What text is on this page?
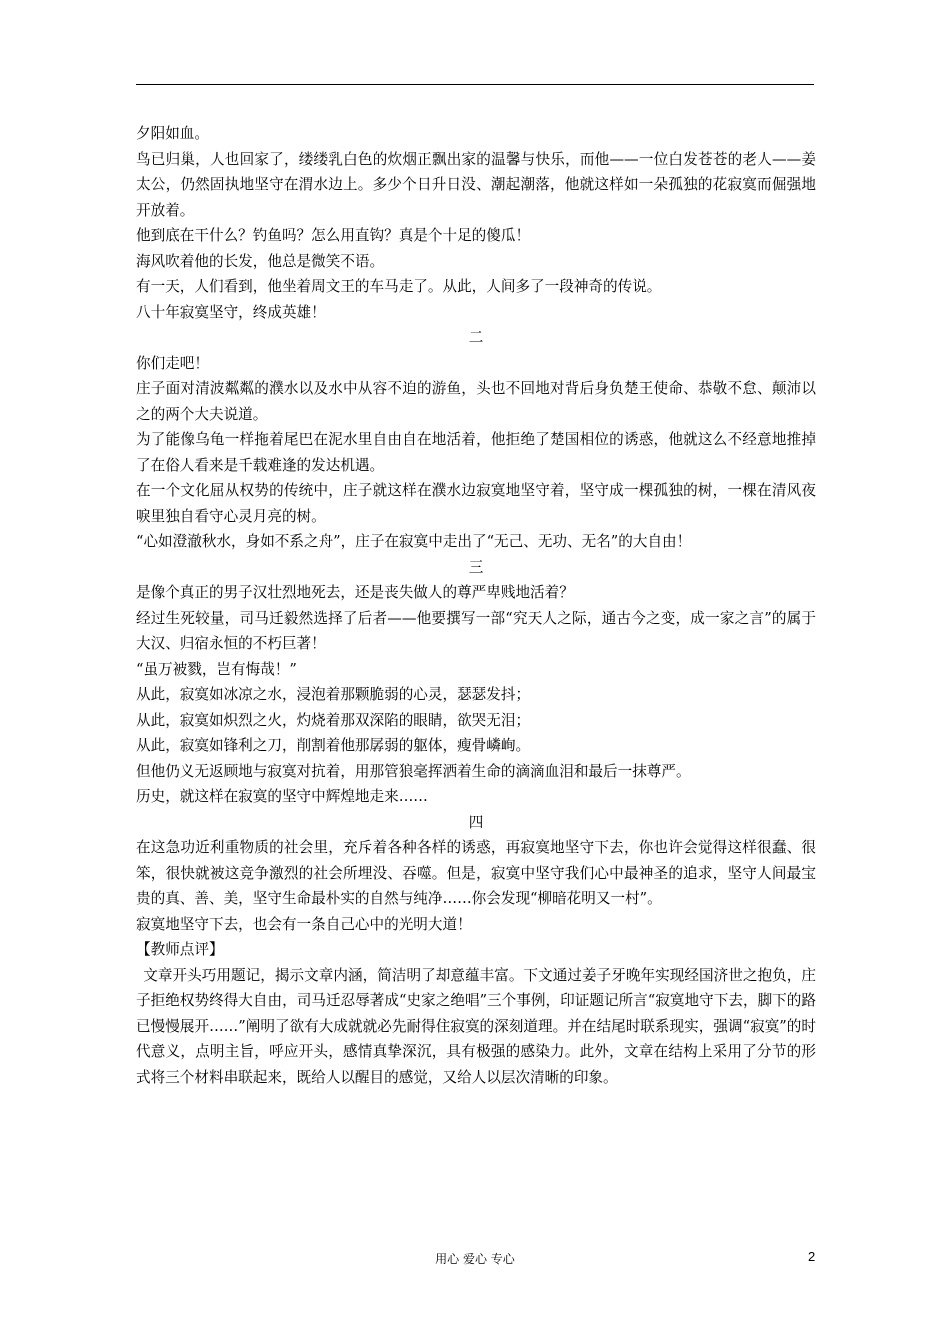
夕阳如血。

鸟已归巢，人也回家了，缕缕乳白色的炊烟正飘出家的温馨与快乐，而他——一位白发苍苍的老人——姜太公，仍然固执地坚守在渭水边上。多少个日升日没、潮起潮落，他就这样如一朵孤独的花寂寞而倔强地开放着。

他到底在干什么？钓鱼吗？怎么用直钩？真是个十足的傻瓜！

海风吹着他的长发，他总是微笑不语。

有一天，人们看到，他坐着周文王的车马走了。从此，人间多了一段神奇的传说。

八十年寂寞坚守，终成英雄！

二

你们走吧！

庄子面对清波粼粼的濮水以及水中从容不迫的游鱼，头也不回地对背后身负楚王使命、恭敬不怠、颠沛以之的两个大夫说道。

为了能像乌龟一样拖着尾巴在泥水里自由自在地活着，他拒绝了楚国相位的诱惑，他就这么不经意地推掉了在俗人看来是千载难逢的发达机遇。

在一个文化屈从权势的传统中，庄子就这样在濮水边寂寞地坚守着，坚守成一棵孤独的树，一棵在清风夜唳里独自看守心灵月亮的树。

“心如澄澈秋水，身如不系之舟”，庄子在寂寞中走出了“无己、无功、无名”的大自由！

三

是像个真正的男子汉壮烈地死去，还是丧失做人的尊严卑贱地活着？

经过生死较量，司马迁毅然选择了后者——他要撰写一部“究天人之际，通古今之变，成一家之言”的属于大汉、归宿永恒的不朽巨著！

“虽万被戮，岂有悔哉！”

从此，寂寞如冰凉之水，浸泡着那颗脆弱的心灵，瑟瑟发抖；

从此，寂寞如炽烈之火，灼烧着那双深陷的眼睛，欲哭无泪；

从此，寂寞如锋利之刀，削割着他那孱弱的躯体，瘦骨嶙峋。

但他仍义无返顾地与寂寞对抗着，用那管狼毫挥洒着生命的滴滴血泪和最后一抹尊严。

历史，就这样在寂寞的坚守中辉煌地走来……

四

在这急功近利重物质的社会里，充斥着各种各样的诱惑，再寂寞地坚守下去，你也许会觉得这样很蠢、很笨，很快就被这竞争激烈的社会所埋没、吞噬。但是，寂寞中坚守我们心中最神圣的追求，坚守人间最宝贵的真、善、美，坚守生命最朴实的自然与纯净……你会发现“柳暗花明又一村”。

寂寞地坚守下去，也会有一条自己心中的光明大道！

【教师点评】

文章开头巧用题记，揭示文章内涵，简洁明了却意蕴丰富。下文通过姜子牙晚年实现经国济世之抱负，庄子拒绝权势终得大自由，司马迁忍辱著成“史家之绝唱”三个事例，印证题记所言“寂寞地守下去，脚下的路已慢慢展开……”阐明了欲有大成就就必先耐得住寂寞的深刻道理。并在结尾时联系现实，强调“寂寞”的时代意义，点明主旨，呼应开头，感情真挚深沉，具有极强的感染力。此外，文章在结构上采用了分节的形式将三个材料串联起来，既给人以醒目的感觉，又给人以层次清晰的印象。

用心 爱心 专心	2
